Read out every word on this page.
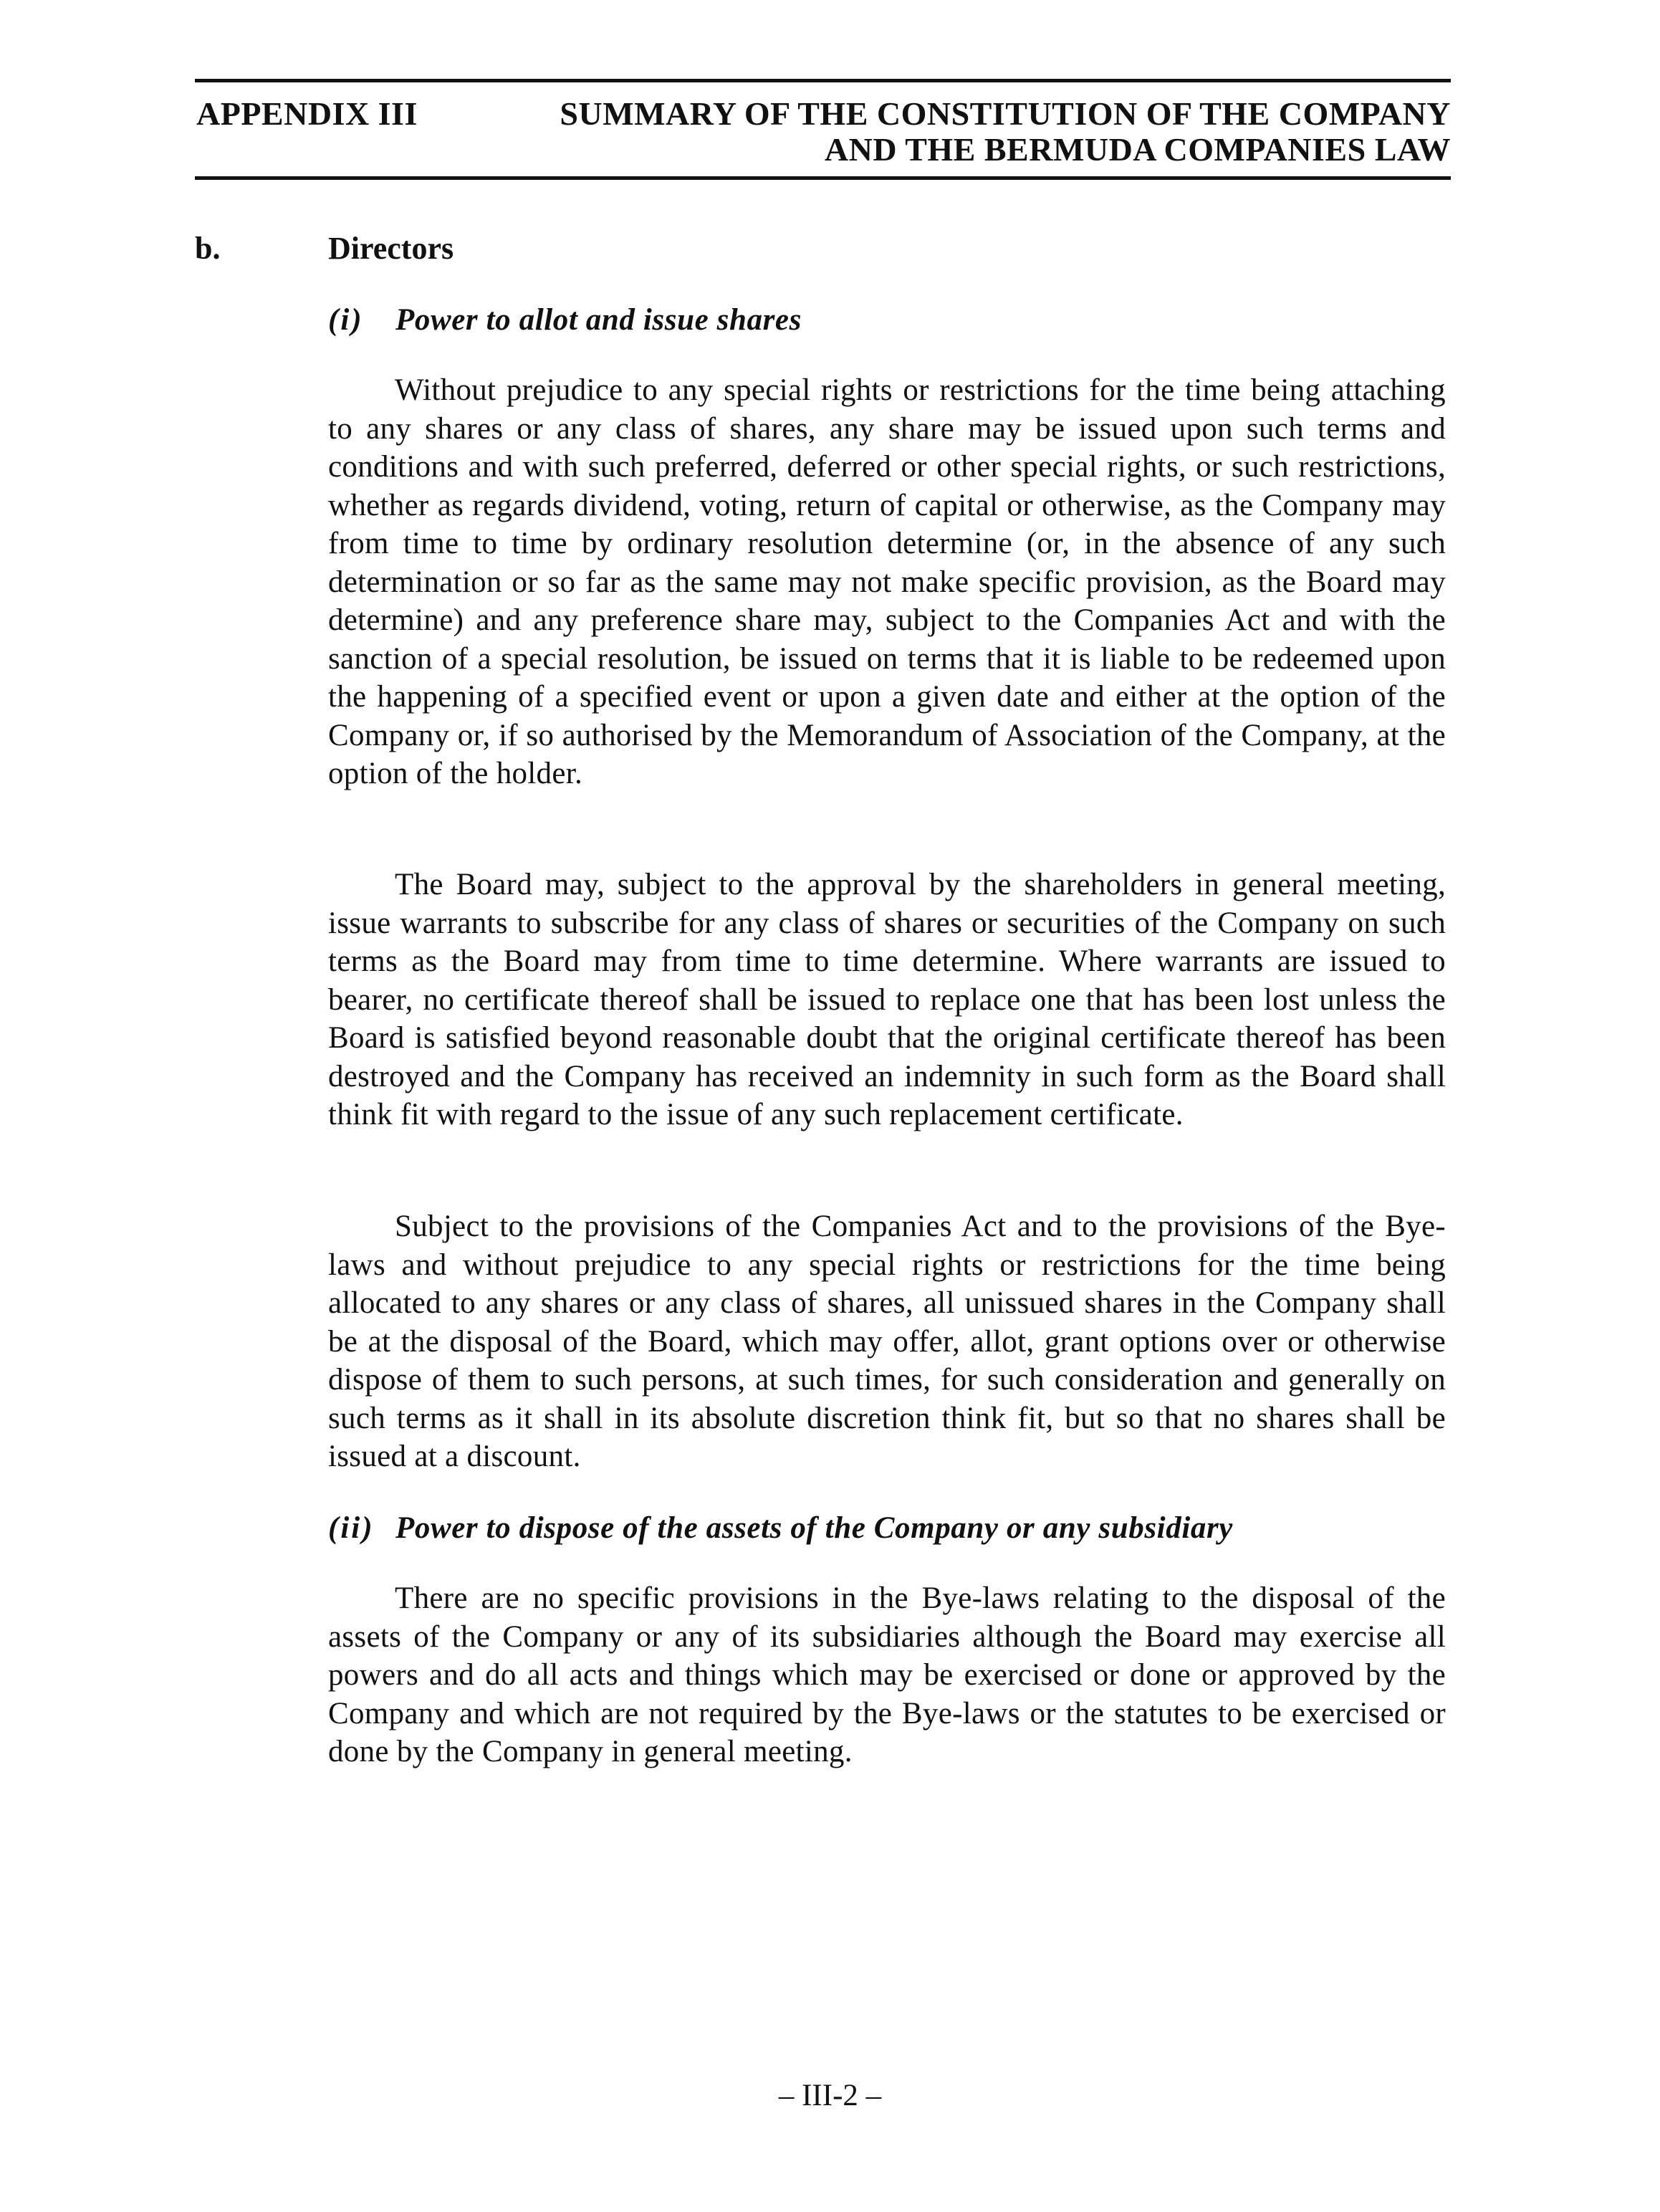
APPENDIX III	SUMMARY OF THE CONSTITUTION OF THE COMPANY
AND THE BERMUDA COMPANIES LAW
b.	Directors
(i) Power to allot and issue shares

Without prejudice to any special rights or restrictions for the time being attaching to any shares or any class of shares, any share may be issued upon such terms and conditions and with such preferred, deferred or other special rights, or such restrictions, whether as regards dividend, voting, return of capital or otherwise, as the Company may from time to time by ordinary resolution determine (or, in the absence of any such determination or so far as the same may not make specific provision, as the Board may determine) and any preference share may, subject to the Companies Act and with the sanction of a special resolution, be issued on terms that it is liable to be redeemed upon the happening of a specified event or upon a given date and either at the option of the Company or, if so authorised by the Memorandum of Association of the Company, at the option of the holder.

The Board may, subject to the approval by the shareholders in general meeting, issue warrants to subscribe for any class of shares or securities of the Company on such terms as the Board may from time to time determine. Where warrants are issued to bearer, no certificate thereof shall be issued to replace one that has been lost unless the Board is satisfied beyond reasonable doubt that the original certificate thereof has been destroyed and the Company has received an indemnity in such form as the Board shall think fit with regard to the issue of any such replacement certificate.

Subject to the provisions of the Companies Act and to the provisions of the Bye-laws and without prejudice to any special rights or restrictions for the time being allocated to any shares or any class of shares, all unissued shares in the Company shall be at the disposal of the Board, which may offer, allot, grant options over or otherwise dispose of them to such persons, at such times, for such consideration and generally on such terms as it shall in its absolute discretion think fit, but so that no shares shall be issued at a discount.

(ii) Power to dispose of the assets of the Company or any subsidiary

There are no specific provisions in the Bye-laws relating to the disposal of the assets of the Company or any of its subsidiaries although the Board may exercise all powers and do all acts and things which may be exercised or done or approved by the Company and which are not required by the Bye-laws or the statutes to be exercised or done by the Company in general meeting.

– III-2 –
